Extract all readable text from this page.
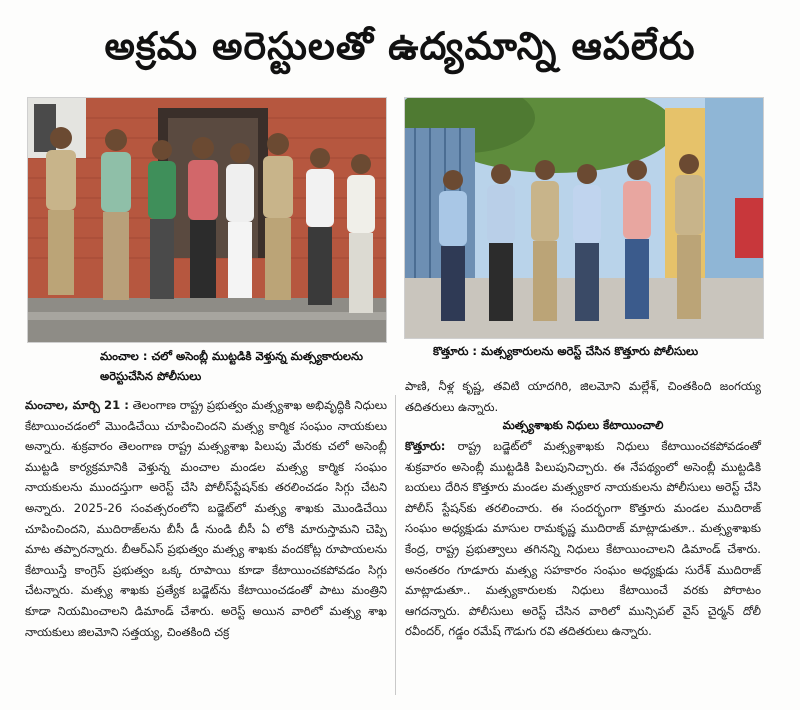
అక్రమ అరెస్టులతో ఉద్యమాన్ని ఆపలేరు
మంచాల : చలో అసెంబ్లీ ముట్టడికి వెళ్తున్న మత్స్యకారులను అరెస్టుచేసిన పోలీసులు
కొత్తూరు : మత్స్యకారులను అరెస్ట్ చేసిన కొత్తూరు పోలీసులు
మంచాల, మార్చి 21 : తెలంగాణ రాష్ట్ర ప్రభుత్వం మత్స్యశాఖ అభివృద్ధికి నిధులు కేటాయించడంలో మొండిచేయి చూపించిందని మత్స్య కార్మిక సంఘం నాయకులు అన్నారు. శుక్రవారం తెలంగాణ రాష్ట్ర మత్స్యశాఖ పిలుపు మేరకు చలో అసెంబ్లీ ముట్టడి కార్యక్రమానికి వెళ్తున్న మంచాల మండల మత్స్య కార్మిక సంఘం నాయకులను ముందస్తుగా అరెస్ట్ చేసి పోలీస్‌స్టేషన్‌కు తరలించడం సిగ్గు చేటని అన్నారు. 2025-26 సంవత్సరంలోని బడ్జెట్‌లో మత్స్య శాఖకు మొండిచేయి చూపించిందని, ముదిరాజ్‌లను బీసీ డీ నుండి బీసీ ఏ లోకి మారుస్తామని చెప్పి మాట తప్పారన్నారు. బీఆర్ఎస్ ప్రభుత్వం మత్స్య శాఖకు వందకోట్ల రూపాయలను కేటాయిస్తే కాంగ్రెస్ ప్రభుత్వం ఒక్క రూపాయి కూడా కేటాయించకపోవడం సిగ్గు చేటన్నారు. మత్స్య శాఖకు ప్రత్యేక బడ్జెట్‌ను కేటాయించడంతో పాటు మంత్రిని కూడా నియమించాలని డిమాండ్ చేశారు. అరెస్ట్ అయిన వారిలో మత్స్య శాఖ నాయకులు జిలమోని సత్తయ్య, చింతకింది చక్ర
పాణి, నీళ్ల కృష్ణ, తవిటి యాదగిరి, జిలమోని మల్లేశ్, చింతకింది జంగయ్య తదితరులు ఉన్నారు.
మత్స్యశాఖకు నిధులు కేటాయించాలి
కొత్తూరు: రాష్ట్ర బడ్జెట్‌లో మత్స్యశాఖకు నిధులు కేటాయించకపోవడంతో శుక్రవారం అసెంబ్లీ ముట్టడికి పిలుపునిచ్చారు. ఈ నేపథ్యంలో అసెంబ్లీ ముట్టడికి బయలు దేరిన కొత్తూరు మండల మత్స్యకార నాయకులను పోలీసులు అరెస్ట్ చేసి పోలీస్ స్టేషన్‌కు తరలించారు. ఈ సందర్భంగా కొత్తూరు మండల ముదిరాజ్ సంఘం అధ్యక్షుడు మాసుల రామకృష్ణ ముదిరాజ్ మాట్లాడుతూ.. మత్స్యశాఖకు కేంద్ర, రాష్ట్ర ప్రభుత్వాలు తగినన్ని నిధులు కేటాయించాలని డిమాండ్ చేశారు. అనంతరం గూడూరు మత్స్య సహకారం సంఘం అధ్యక్షుడు సురేశ్ ముదిరాజ్ మాట్లాడుతూ.. మత్స్యకారులకు నిధులు కేటాయించే వరకు పోరాటం ఆగదన్నారు. పోలీసులు అరెస్ట్ చేసిన వారిలో మున్సిపల్ వైస్ చైర్మన్ దోలీ రవీందర్, గడ్డం రమేష్ గౌడుగు రవి తదితరులు ఉన్నారు.
